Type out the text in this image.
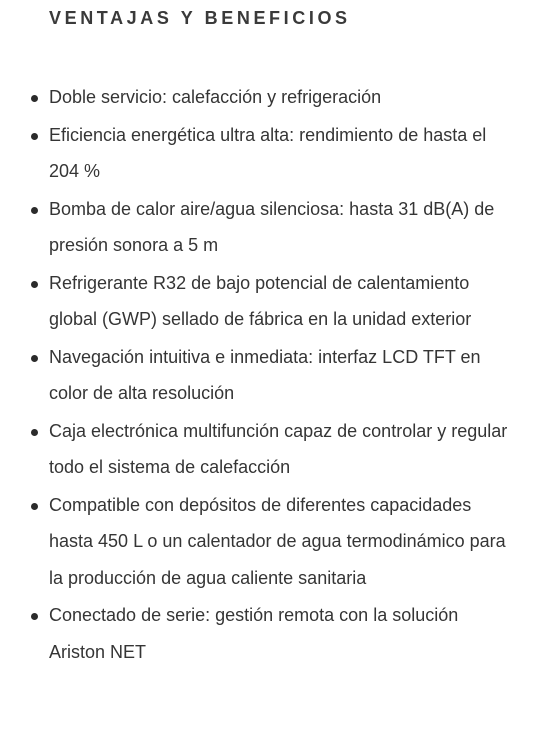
VENTAJAS Y BENEFICIOS
Doble servicio: calefacción y refrigeración
Eficiencia energética ultra alta: rendimiento de hasta el 204 %
Bomba de calor aire/agua silenciosa: hasta 31 dB(A) de presión sonora a 5 m
Refrigerante R32 de bajo potencial de calentamiento global (GWP) sellado de fábrica en la unidad exterior
Navegación intuitiva e inmediata: interfaz LCD TFT en color de alta resolución
Caja electrónica multifunción capaz de controlar y regular todo el sistema de calefacción
Compatible con depósitos de diferentes capacidades hasta 450 L o un calentador de agua termodinámico para la producción de agua caliente sanitaria
Conectado de serie: gestión remota con la solución Ariston NET
